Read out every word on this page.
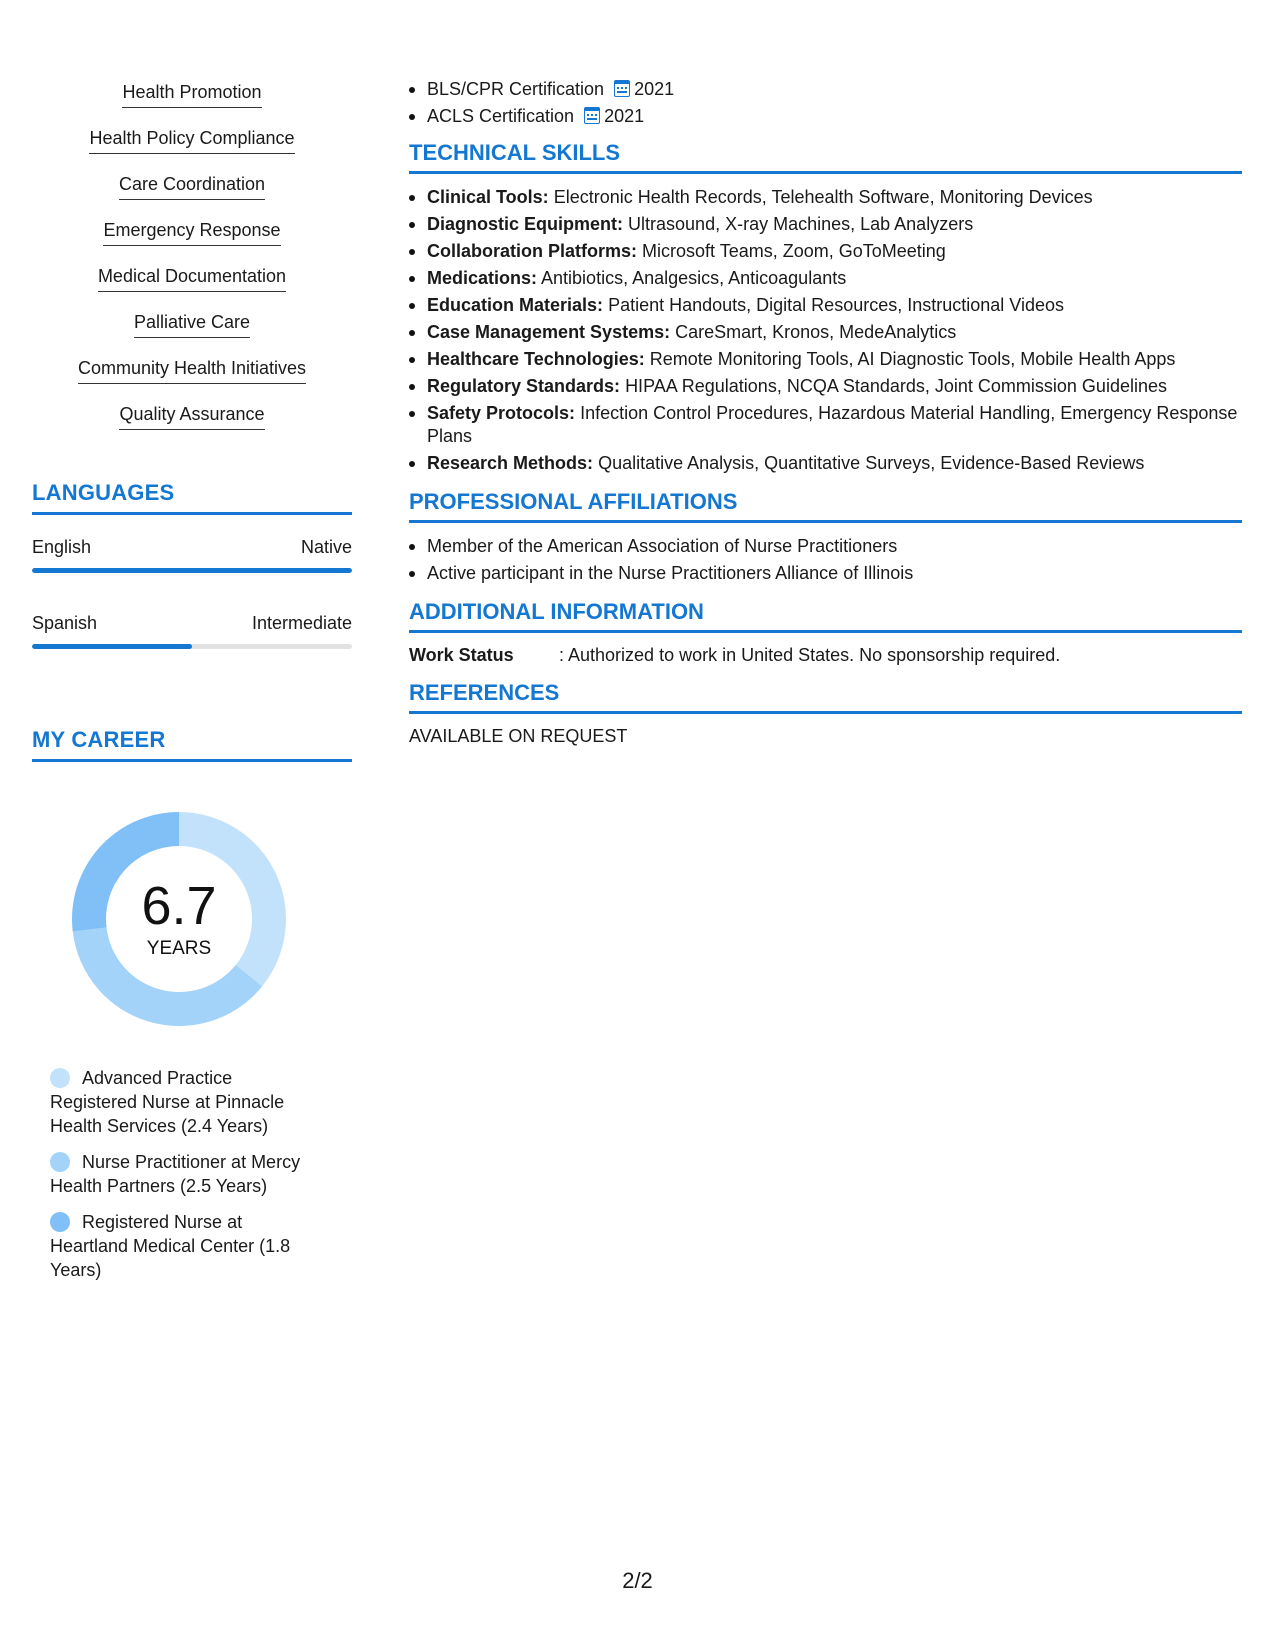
Health Promotion
Health Policy Compliance
Care Coordination
Emergency Response
Medical Documentation
Palliative Care
Community Health Initiatives
Quality Assurance
LANGUAGES
English	Native
Spanish	Intermediate
MY CAREER
6.7
YEARS
Advanced Practice Registered Nurse at Pinnacle Health Services (2.4 Years)
Nurse Practitioner at Mercy Health Partners (2.5 Years)
Registered Nurse at Heartland Medical Center (1.8 Years)
BLS/CPR Certification 2021
ACLS Certification 2021
TECHNICAL SKILLS
Clinical Tools: Electronic Health Records, Telehealth Software, Monitoring Devices
Diagnostic Equipment: Ultrasound, X-ray Machines, Lab Analyzers
Collaboration Platforms: Microsoft Teams, Zoom, GoToMeeting
Medications: Antibiotics, Analgesics, Anticoagulants
Education Materials: Patient Handouts, Digital Resources, Instructional Videos
Case Management Systems: CareSmart, Kronos, MedeAnalytics
Healthcare Technologies: Remote Monitoring Tools, AI Diagnostic Tools, Mobile Health Apps
Regulatory Standards: HIPAA Regulations, NCQA Standards, Joint Commission Guidelines
Safety Protocols: Infection Control Procedures, Hazardous Material Handling, Emergency Response Plans
Research Methods: Qualitative Analysis, Quantitative Surveys, Evidence-Based Reviews
PROFESSIONAL AFFILIATIONS
Member of the American Association of Nurse Practitioners
Active participant in the Nurse Practitioners Alliance of Illinois
ADDITIONAL INFORMATION
Work Status	: Authorized to work in United States. No sponsorship required.
REFERENCES
AVAILABLE ON REQUEST
2/2
